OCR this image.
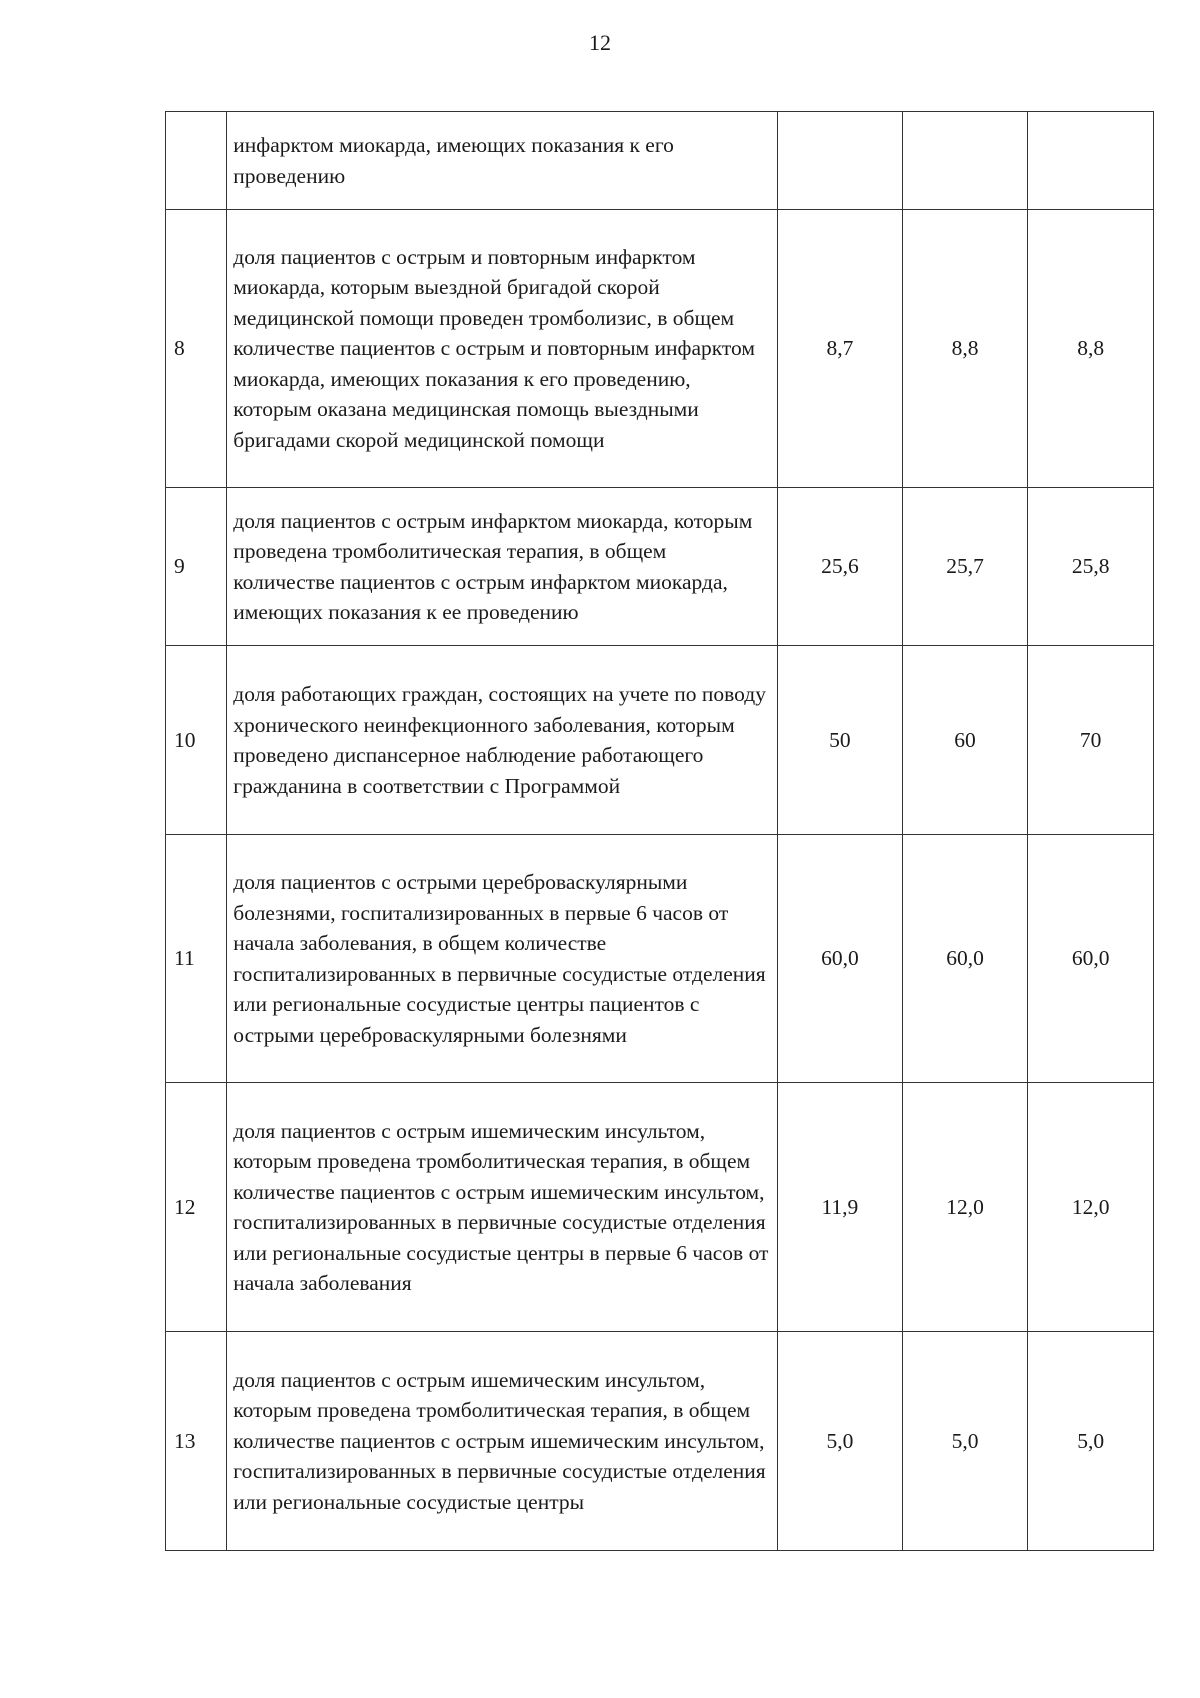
12
	инфарктом миокарда, имеющих показания к его проведению			
8	доля пациентов с острым и повторным инфарктом миокарда, которым выездной бригадой скорой медицинской помощи проведен тромболизис, в общем количестве пациентов с острым и повторным инфарктом миокарда, имеющих показания к его проведению, которым оказана медицинская помощь выездными бригадами скорой медицинской помощи	8,7	8,8	8,8
9	доля пациентов с острым инфарктом миокарда, которым проведена тромболитическая терапия, в общем количестве пациентов с острым инфарктом миокарда, имеющих показания к ее проведению	25,6	25,7	25,8
10	доля работающих граждан, состоящих на учете по поводу хронического неинфекционного заболевания, которым проведено диспансерное наблюдение работающего гражданина в соответствии с Программой	50	60	70
11	доля пациентов с острыми цереброваскулярными болезнями, госпитализированных в первые 6 часов от начала заболевания, в общем количестве госпитализированных в первичные сосудистые отделения или региональные сосудистые центры пациентов с острыми цереброваскулярными болезнями	60,0	60,0	60,0
12	доля пациентов с острым ишемическим инсультом, которым проведена тромболитическая терапия, в общем количестве пациентов с острым ишемическим инсультом, госпитализированных в первичные сосудистые отделения или региональные сосудистые центры в первые 6 часов от начала заболевания	11,9	12,0	12,0
13	доля пациентов с острым ишемическим инсультом, которым проведена тромболитическая терапия, в общем количестве пациентов с острым ишемическим инсультом, госпитализированных в первичные сосудистые отделения или региональные сосудистые центры	5,0	5,0	5,0
